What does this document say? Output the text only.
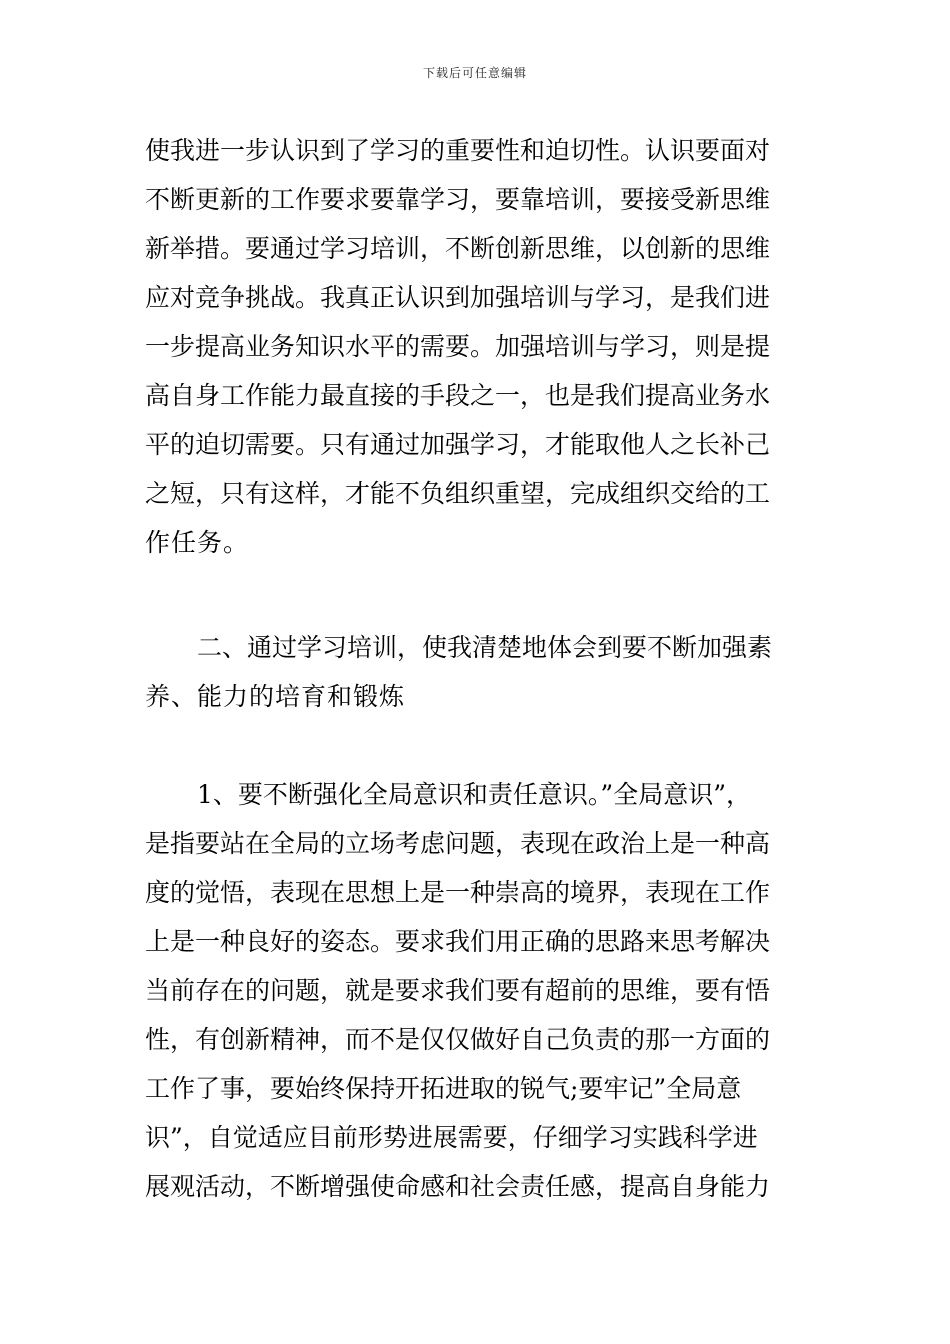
下载后可任意编辑
使我进一步认识到了学习的重要性和迫切性。认识要面对
不断更新的工作要求要靠学习，要靠培训，要接受新思维
新举措。要通过学习培训，不断创新思维，以创新的思维
应对竞争挑战。我真正认识到加强培训与学习，是我们进
一步提高业务知识水平的需要。加强培训与学习，则是提
高自身工作能力最直接的手段之一，也是我们提高业务水
平的迫切需要。只有通过加强学习，才能取他人之长补己
之短，只有这样，才能不负组织重望，完成组织交给的工
作任务。
二、通过学习培训，使我清楚地体会到要不断加强素
养、能力的培育和锻炼
1、要不断强化全局意识和责任意识。”全局意识”，
是指要站在全局的立场考虑问题，表现在政治上是一种高
度的觉悟，表现在思想上是一种崇高的境界，表现在工作
上是一种良好的姿态。要求我们用正确的思路来思考解决
当前存在的问题，就是要求我们要有超前的思维，要有悟
性，有创新精神，而不是仅仅做好自己负责的那一方面的
工作了事，要始终保持开拓进取的锐气;要牢记”全局意
识”，自觉适应目前形势进展需要，仔细学习实践科学进
展观活动，不断增强使命感和社会责任感，提高自身能力
